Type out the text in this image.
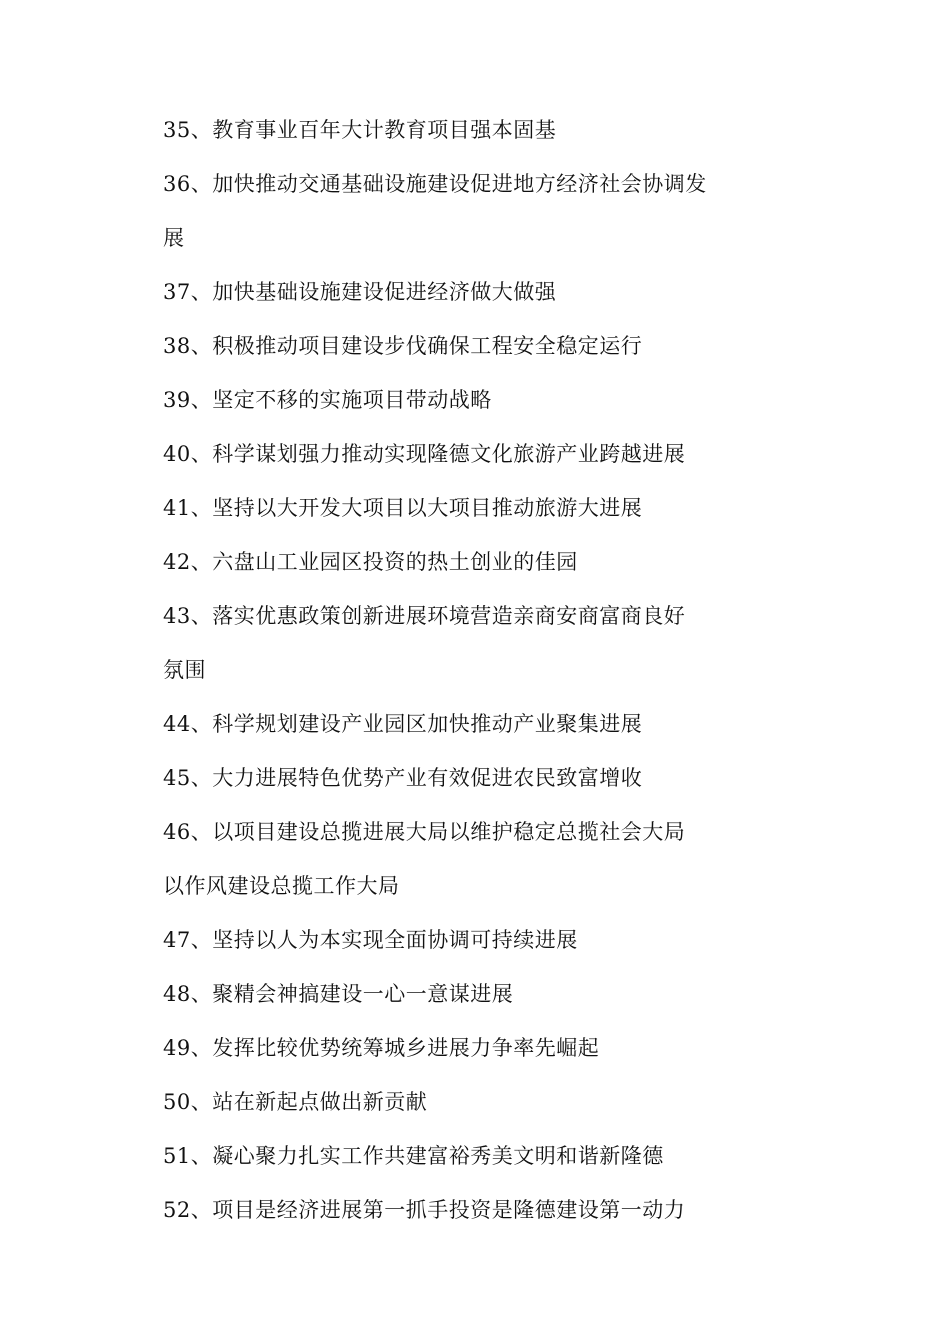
35、教育事业百年大计教育项目强本固基
36、加快推动交通基础设施建设促进地方经济社会协调发
展
37、加快基础设施建设促进经济做大做强
38、积极推动项目建设步伐确保工程安全稳定运行
39、坚定不移的实施项目带动战略
40、科学谋划强力推动实现隆德文化旅游产业跨越进展
41、坚持以大开发大项目以大项目推动旅游大进展
42、六盘山工业园区投资的热土创业的佳园
43、落实优惠政策创新进展环境营造亲商安商富商良好
氛围
44、科学规划建设产业园区加快推动产业聚集进展
45、大力进展特色优势产业有效促进农民致富增收
46、以项目建设总揽进展大局以维护稳定总揽社会大局
以作风建设总揽工作大局
47、坚持以人为本实现全面协调可持续进展
48、聚精会神搞建设一心一意谋进展
49、发挥比较优势统筹城乡进展力争率先崛起
50、站在新起点做出新贡献
51、凝心聚力扎实工作共建富裕秀美文明和谐新隆德
52、项目是经济进展第一抓手投资是隆德建设第一动力
